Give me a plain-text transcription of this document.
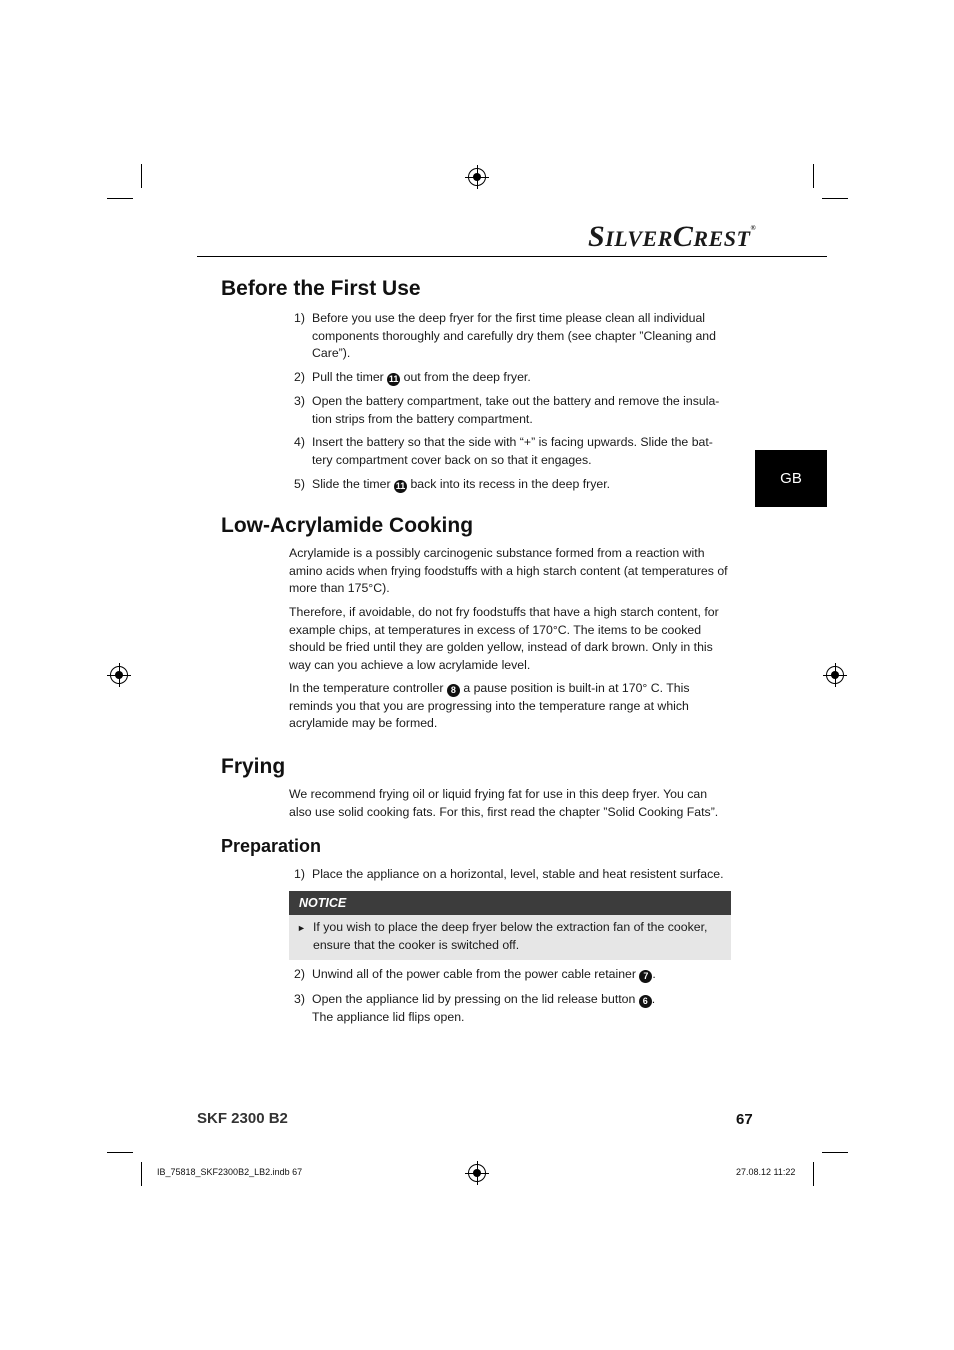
SILVERCREST®
GB
Before the First Use
1) Before you use the deep fryer for the first time please clean all individual components thoroughly and carefully dry them (see chapter ”Cleaning and Care”).
2) Pull the timer 11 out from the deep fryer.
3) Open the battery compartment, take out the battery and remove the insula-tion strips from the battery compartment.
4) Insert the battery so that the side with “+” is facing upwards. Slide the bat-tery compartment cover back on so that it engages.
5) Slide the timer 11 back into its recess in the deep fryer.
Low-Acrylamide Cooking

Acrylamide is a possibly carcinogenic substance formed from a reaction with amino acids when frying foodstuffs with a high starch content (at temperatures of more than 175°C).

Therefore, if avoidable, do not fry foodstuffs that have a high starch content, for example chips, at temperatures in excess of 170°C. The items to be cooked should be fried until they are golden yellow, instead of dark brown. Only in this way can you achieve a low acrylamide level.

In the temperature controller 8 a pause position is built-in at 170° C. This reminds you that you are progressing into the temperature range at which acrylamide may be formed.

Frying

We recommend frying oil or liquid frying fat for use in this deep fryer. You can also use solid cooking fats. For this, first read the chapter ”Solid Cooking Fats”.

Preparation
1) Place the appliance on a horizontal, level, stable and heat resistent surface.
NOTICE
► If you wish to place the deep fryer below the extraction fan of the cooker, ensure that the cooker is switched off.
2) Unwind all of the power cable from the power cable retainer 7 .
3) Open the appliance lid by pressing on the lid release button 6 .
The appliance lid flips open.
SKF 2300 B2	67
IB_75818_SKF2300B2_LB2.indb 67	27.08.12 11:22
